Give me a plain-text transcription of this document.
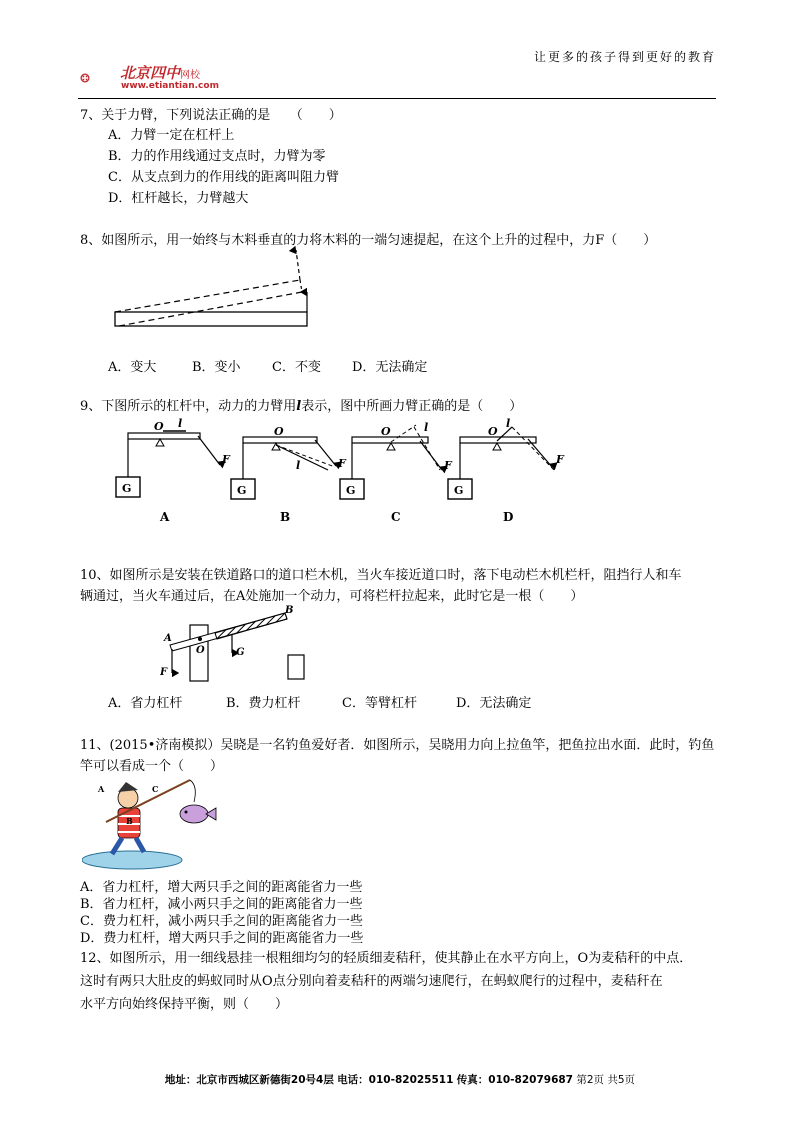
让更多的孩子得到更好的教育
北京四中网校
www.etiantian.com
7、关于力臂，下列说法正确的是　　（　　）
A．力臂一定在杠杆上
B．力的作用线通过支点时，力臂为零
C．从支点到力的作用线的距离叫阻力臂
D．杠杆越长，力臂越大
8、如图所示，用一始终与木料垂直的力将木料的一端匀速提起，在这个上升的过程中，力F（　　）
A．变大	B．变小 C．不变 D．无法确定
9、下图所示的杠杆中，动力的力臂用l表示，图中所画力臂正确的是（　　）
G
O l
F
A
G
O
l	F
B
G
O	l
F
C
G
O
l
F
D
10、如图所示是安装在铁道路口的道口栏木机，当火车接近道口时，落下电动栏木机栏杆，阻挡行人和车
辆通过，当火车通过后，在A处施加一个动力，可将栏杆拉起来，此时它是一根（　　）
O
A
B
F
G
A．省力杠杆	B．费力杠杆	C．等臂杠杆	D．无法确定
11、(2015•济南模拟）吴晓是一名钓鱼爱好者．如图所示，吴晓用力向上拉鱼竿，把鱼拉出水面．此时，钓鱼
竿可以看成一个（　　）
A
B
C
A．省力杠杆，增大两只手之间的距离能省力一些
B．省力杠杆，减小两只手之间的距离能省力一些
C．费力杠杆，减小两只手之间的距离能省力一些
D．费力杠杆，增大两只手之间的距离能省力一些
12、如图所示，用一细线悬挂一根粗细均匀的轻质细麦秸秆，使其静止在水平方向上，O为麦秸秆的中点．
这时有两只大肚皮的蚂蚁同时从O点分别向着麦秸秆的两端匀速爬行，在蚂蚁爬行的过程中，麦秸秆在
水平方向始终保持平衡，则（　　）
地址：北京市西城区新德街20号4层 电话：010-82025511 传真：010-82079687 第2页 共5页
